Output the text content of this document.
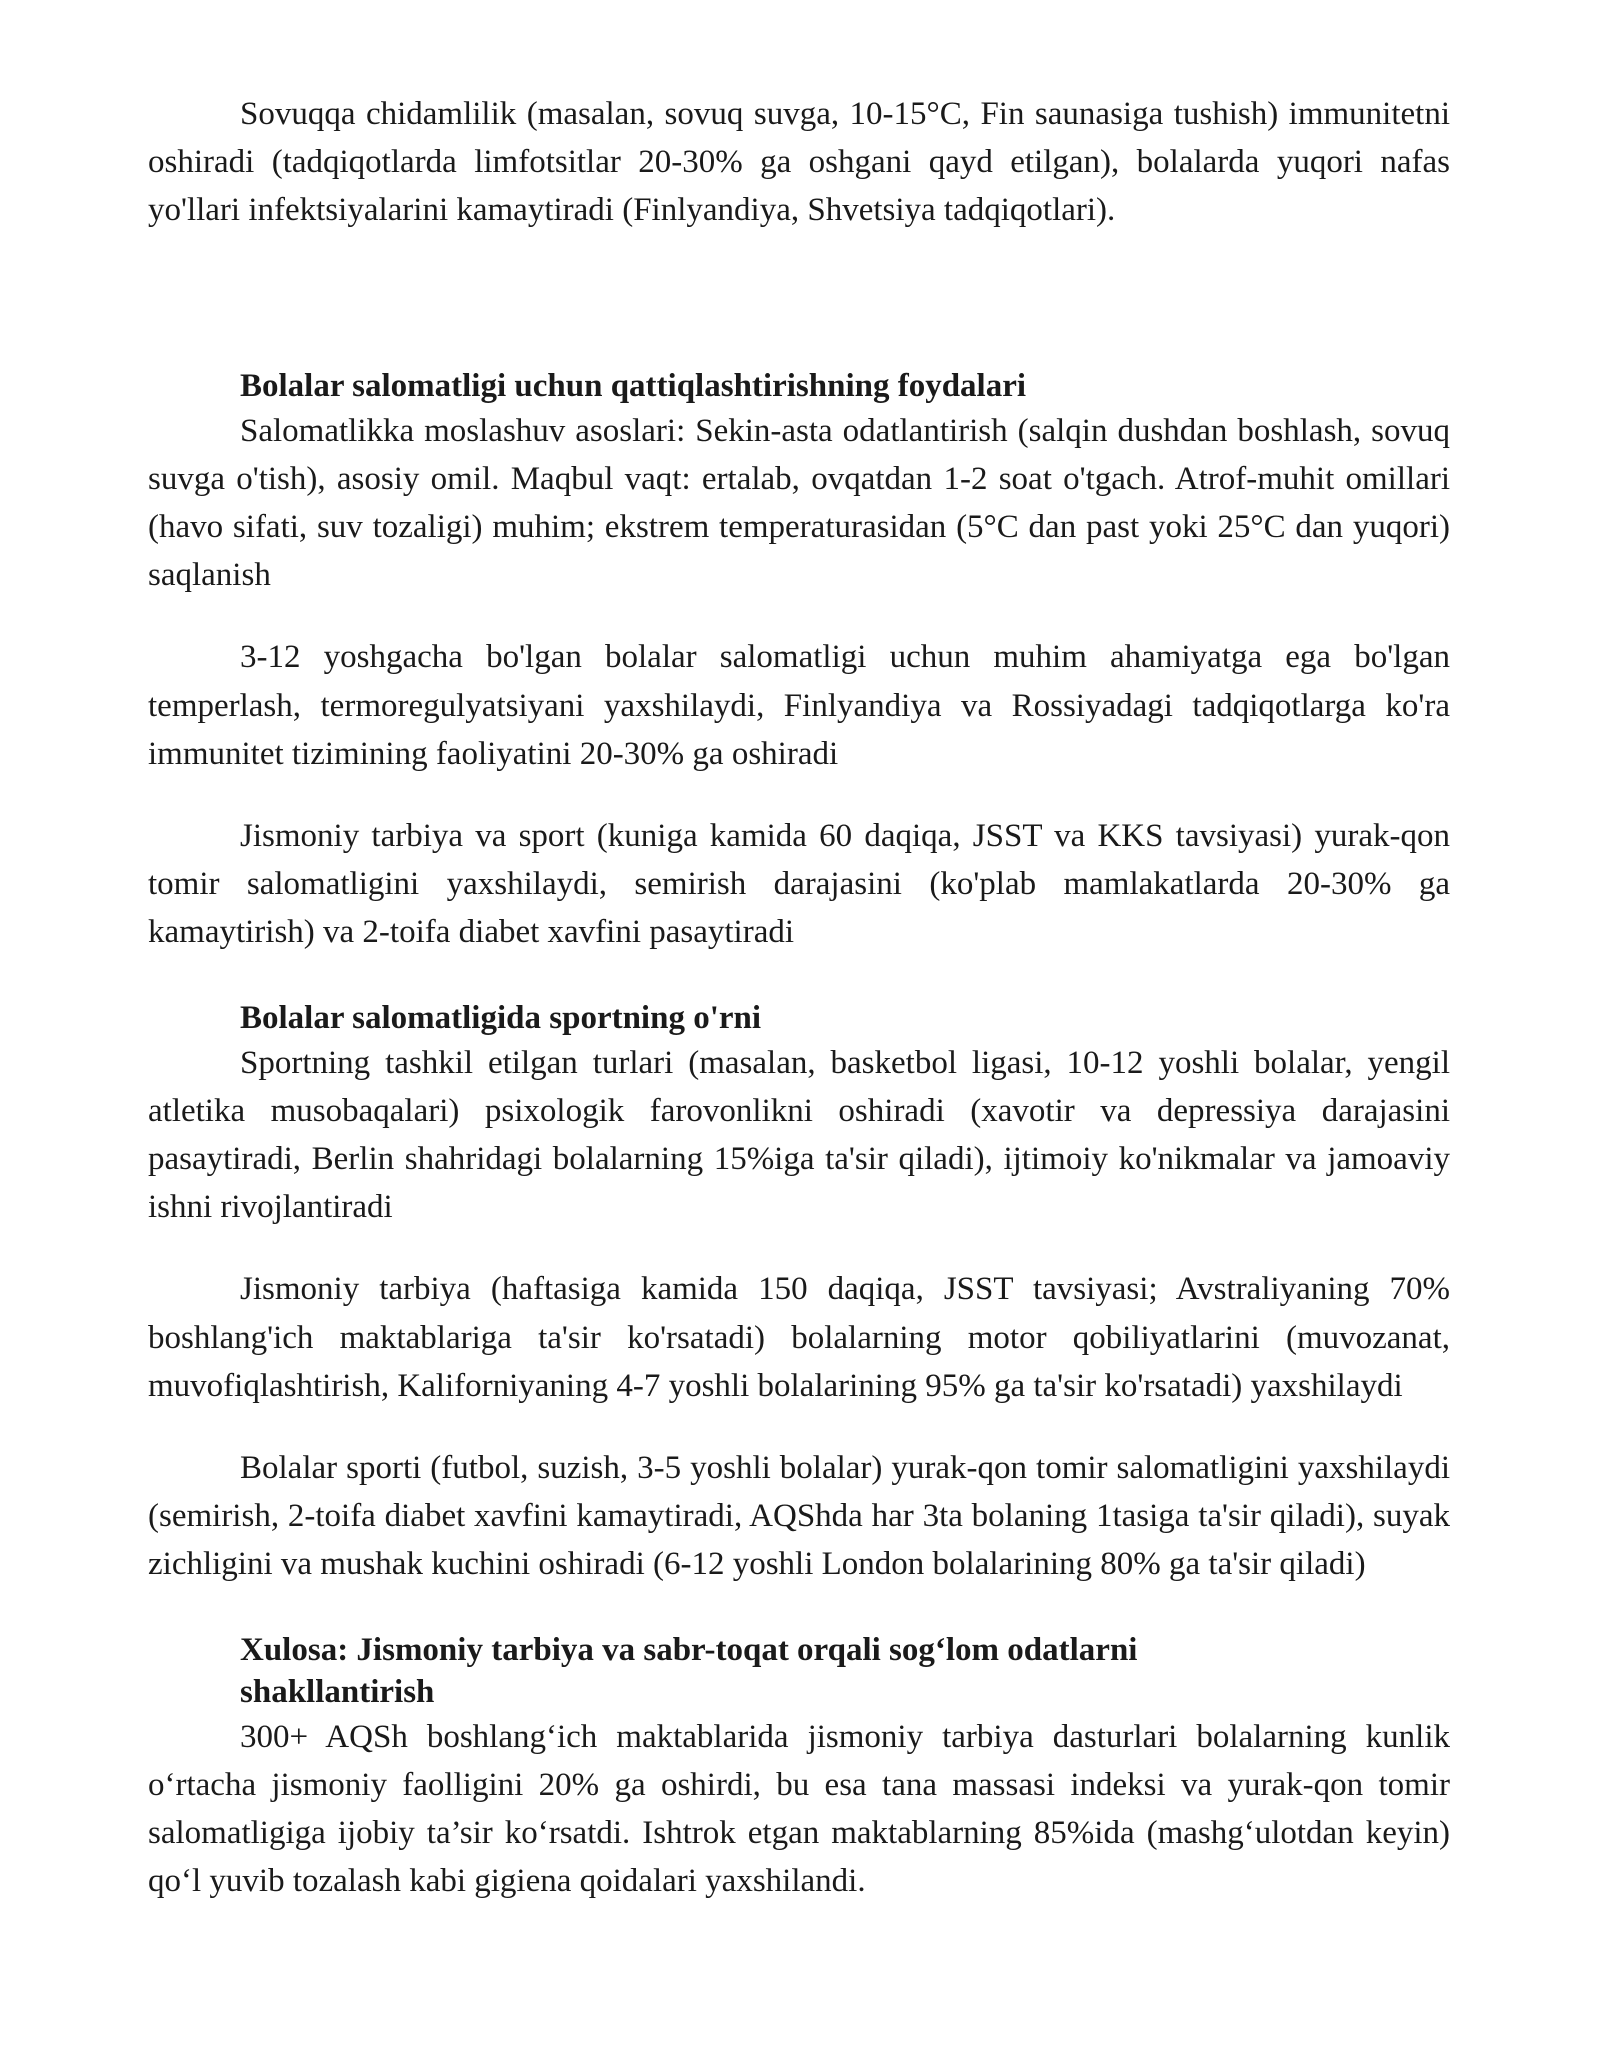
Sovuqqa chidamlilik (masalan, sovuq suvga, 10-15°C, Fin saunasiga tushish) immunitetni oshiradi (tadqiqotlarda limfotsitlar 20-30% ga oshgani qayd etilgan), bolalarda yuqori nafas yo'llari infektsiyalarini kamaytiradi (Finlyandiya, Shvetsiya tadqiqotlari).

Bolalar salomatligi uchun qattiqlashtirishning foydalari

Salomatlikka moslashuv asoslari: Sekin-asta odatlantirish (salqin dushdan boshlash, sovuq suvga o'tish), asosiy omil. Maqbul vaqt: ertalab, ovqatdan 1-2 soat o'tgach. Atrof-muhit omillari (havo sifati, suv tozaligi) muhim; ekstrem temperaturasidan (5°C dan past yoki 25°C dan yuqori) saqlanish

3-12 yoshgacha bo'lgan bolalar salomatligi uchun muhim ahamiyatga ega bo'lgan temperlash, termoregulyatsiyani yaxshilaydi, Finlyandiya va Rossiyadagi tadqiqotlarga ko'ra immunitet tizimining faoliyatini 20-30% ga oshiradi

Jismoniy tarbiya va sport (kuniga kamida 60 daqiqa, JSST va KKS tavsiyasi) yurak-qon tomir salomatligini yaxshilaydi, semirish darajasini (ko'plab mamlakatlarda 20-30% ga kamaytirish) va 2-toifa diabet xavfini pasaytiradi

Bolalar salomatligida sportning o'rni

Sportning tashkil etilgan turlari (masalan, basketbol ligasi, 10-12 yoshli bolalar, yengil atletika musobaqalari) psixologik farovonlikni oshiradi (xavotir va depressiya darajasini pasaytiradi, Berlin shahridagi bolalarning 15%iga ta'sir qiladi), ijtimoiy ko'nikmalar va jamoaviy ishni rivojlantiradi

Jismoniy tarbiya (haftasiga kamida 150 daqiqa, JSST tavsiyasi; Avstraliyaning 70% boshlang'ich maktablariga ta'sir ko'rsatadi) bolalarning motor qobiliyatlarini (muvozanat, muvofiqlashtirish, Kaliforniyaning 4-7 yoshli bolalarining 95% ga ta'sir ko'rsatadi) yaxshilaydi

Bolalar sporti (futbol, suzish, 3-5 yoshli bolalar) yurak-qon tomir salomatligini yaxshilaydi (semirish, 2-toifa diabet xavfini kamaytiradi, AQShda har 3ta bolaning 1tasiga ta'sir qiladi), suyak zichligini va mushak kuchini oshiradi (6-12 yoshli London bolalarining 80% ga ta'sir qiladi)

Xulosa: Jismoniy tarbiya va sabr-toqat orqali sog‘lom odatlarni
shakllantirish

300+ AQSh boshlang‘ich maktablarida jismoniy tarbiya dasturlari bolalarning kunlik o‘rtacha jismoniy faolligini 20% ga oshirdi, bu esa tana massasi indeksi va yurak-qon tomir salomatligiga ijobiy ta’sir ko‘rsatdi. Ishtrok etgan maktablarning 85%ida (mashg‘ulotdan keyin) qo‘l yuvib tozalash kabi gigiena qoidalari yaxshilandi.
